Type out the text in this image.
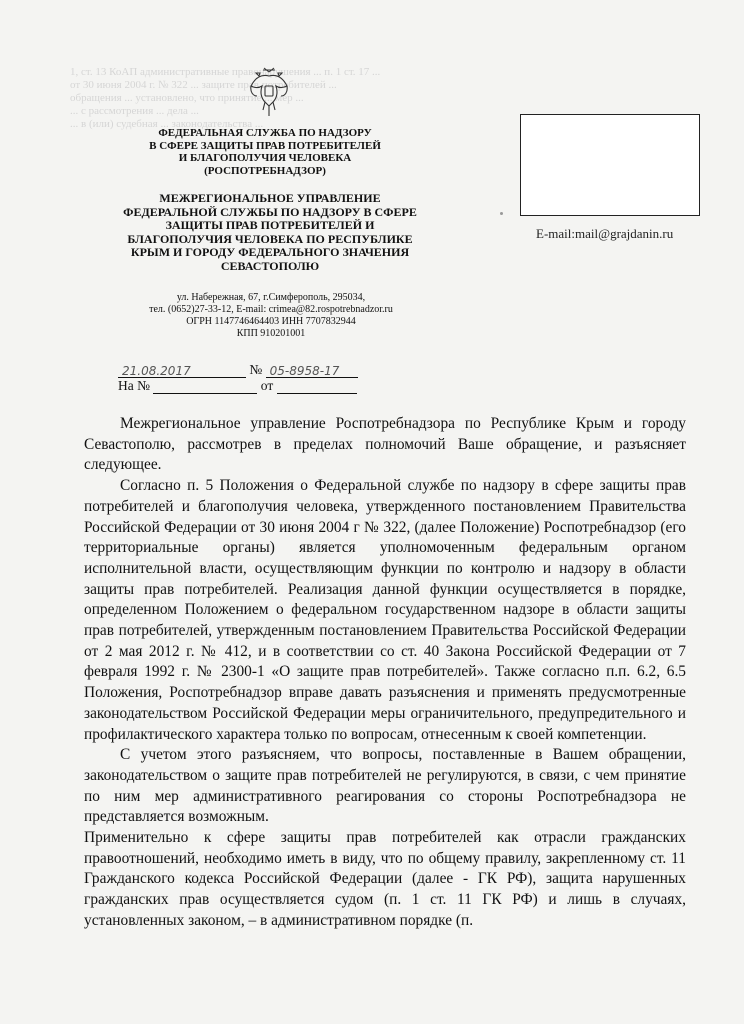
1, ст. 13 КоАП административные правонарушения ... п. 1 ст. 17 ...
от 30 июня 2004 г. № 322 ... защите прав потребителей ...
обращения ... установлено, что принятие ... мер ...
... с рассмотрения ... дела ...
... в (или) судебная ... законодательства ...
ФЕДЕРАЛЬНАЯ СЛУЖБА ПО НАДЗОРУ
В СФЕРЕ ЗАЩИТЫ ПРАВ ПОТРЕБИТЕЛЕЙ
И БЛАГОПОЛУЧИЯ ЧЕЛОВЕКА
(РОСПОТРЕБНАДЗОР)
МЕЖРЕГИОНАЛЬНОЕ УПРАВЛЕНИЕ
ФЕДЕРАЛЬНОЙ СЛУЖБЫ ПО НАДЗОРУ В СФЕРЕ
ЗАЩИТЫ ПРАВ ПОТРЕБИТЕЛЕЙ И
БЛАГОПОЛУЧИЯ ЧЕЛОВЕКА ПО РЕСПУБЛИКЕ
КРЫМ И ГОРОДУ ФЕДЕРАЛЬНОГО ЗНАЧЕНИЯ
СЕВАСТОПОЛЮ
ул. Набережная, 67, г.Симферополь, 295034,
тел. (0652)27-33-12, E-mail: crimea@82.rospotrebnadzor.ru
ОГРН 1147746464403 ИНН 7707832944
КПП 910201001
E-mail:mail@grajdanin.ru
21.08.2017	№ 05-8958-17
На №	от

Межрегиональное управление Роспотребнадзора по Республике Крым и городу Севастополю, рассмотрев в пределах полномочий Ваше обращение, и разъясняет следующее.

Согласно п. 5 Положения о Федеральной службе по надзору в сфере защиты прав потребителей и благополучия человека, утвержденного постановлением Правительства Российской Федерации от 30 июня 2004 г № 322, (далее Положение) Роспотребнадзор (его территориальные органы) является уполномоченным федеральным органом исполнительной власти, осуществляющим функции по контролю и надзору в области защиты прав потребителей. Реализация данной функции осуществляется в порядке, определенном Положением о федеральном государственном надзоре в области защиты прав потребителей, утвержденным постановлением Правительства Российской Федерации от 2 мая 2012 г. № 412, и в соответствии со ст. 40 Закона Российской Федерации от 7 февраля 1992 г. № 2300-1 «О защите прав потребителей». Также согласно п.п. 6.2, 6.5 Положения, Роспотребнадзор вправе давать разъяснения и применять предусмотренные законодательством Российской Федерации меры ограничительного, предупредительного и профилактического характера только по вопросам, отнесенным к своей компетенции.

С учетом этого разъясняем, что вопросы, поставленные в Вашем обращении, законодательством о защите прав потребителей не регулируются, в связи, с чем принятие по ним мер административного реагирования со стороны Роспотребнадзора не представляется возможным.

Применительно к сфере защиты прав потребителей как отрасли гражданских правоотношений, необходимо иметь в виду, что по общему правилу, закрепленному ст. 11 Гражданского кодекса Российской Федерации (далее - ГК РФ), защита нарушенных гражданских прав осуществляется судом (п. 1 ст. 11 ГК РФ) и лишь в случаях, установленных законом, – в административном порядке (п.
